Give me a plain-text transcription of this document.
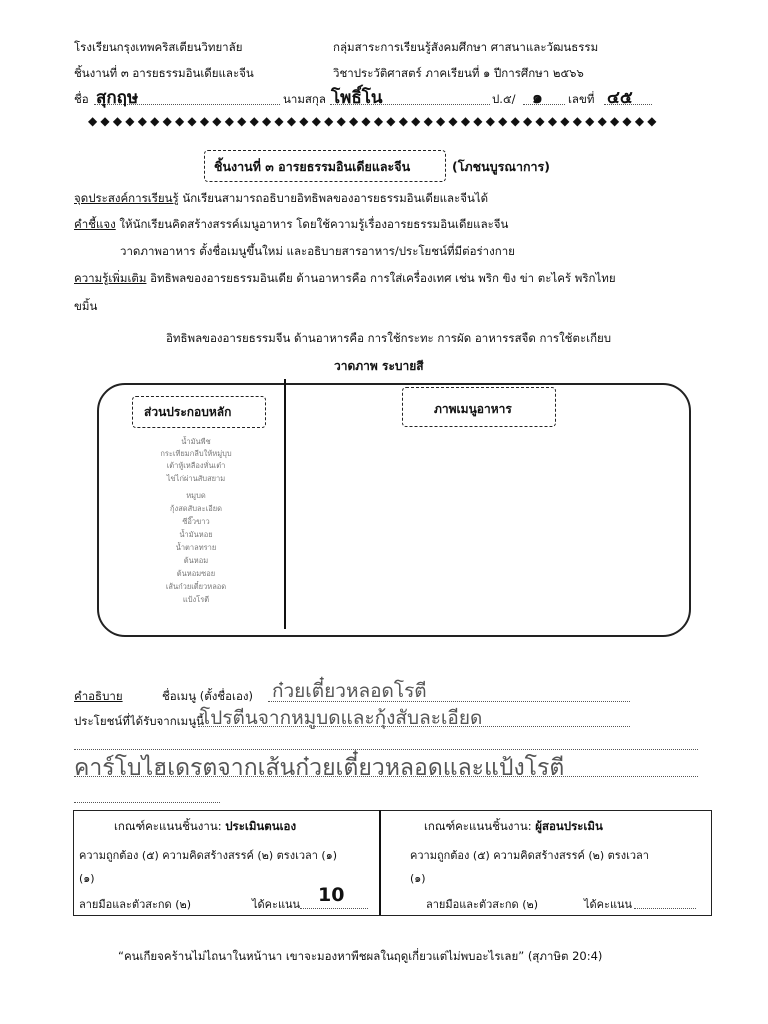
โรงเรียนกรุงเทพคริสเตียนวิทยาลัย	กลุ่มสาระการเรียนรู้สังคมศึกษา ศาสนาและวัฒนธรรม
ชิ้นงานที่ ๓ อารยธรรมอินเดียและจีน	วิชาประวัติศาสตร์ ภาคเรียนที่ ๑ ปีการศึกษา ๒๕๖๖
ชื่อ สุกฤษ	นามสกุล โพธิ์โน	ป.๕/ ๑ เลขที่ ๔๕
◆◆◆◆◆◆◆◆◆◆◆◆◆◆◆◆◆◆◆◆◆◆◆◆◆◆◆◆◆◆◆◆◆◆◆◆◆◆◆◆◆◆◆◆◆◆
ชิ้นงานที่ ๓ อารยธรรมอินเดียและจีน	(โภชนบูรณาการ)
จุดประสงค์การเรียนรู้ นักเรียนสามารถอธิบายอิทธิพลของอารยธรรมอินเดียและจีนได้
คำชี้แจง ให้นักเรียนคิดสร้างสรรค์เมนูอาหาร โดยใช้ความรู้เรื่องอารยธรรมอินเดียและจีน
วาดภาพอาหาร ตั้งชื่อเมนูขึ้นใหม่ และอธิบายสารอาหาร/ประโยชน์ที่มีต่อร่างกาย
ความรู้เพิ่มเติม อิทธิพลของอารยธรรมอินเดีย ด้านอาหารคือ การใส่เครื่องเทศ เช่น พริก ขิง ข่า ตะไคร้ พริกไทย
ขมิ้น
อิทธิพลของอารยธรรมจีน ด้านอาหารคือ การใช้กระทะ การผัด อาหารรสจืด การใช้ตะเกียบ
วาดภาพ ระบายสี
ส่วนประกอบหลัก	ภาพเมนูอาหาร
น้ำมันพืช
กระเทียมกลีบให้หมู่บุบ
เต้าหู้เหลืองหั่นเต๋า
ไข่ไก่ผ่านสับสยาม
หมูบด
กุ้งสดสับละเอียด
ซีอิ๊วขาว
น้ำมันหอย
น้ำตาลทราย
ต้นหอม
ต้นหอมซอย
เส้นก๋วยเตี๋ยวหลอด
แป้งโรตี
คำอธิบาย	ชื่อเมนู (ตั้งชื่อเอง) ก๋วยเตี๋ยวหลอดโรตี
ประโยชน์ที่ได้รับจากเมนูนี้
โปรตีนจากหมูบดและกุ้งสับละเอียด
คาร์โบไฮเดรตจากเส้นก๋วยเตี๋ยวหลอดและแป้งโรตี
เกณฑ์คะแนนชิ้นงาน: ประเมินตนเอง
ความถูกต้อง (๕) ความคิดสร้างสรรค์ (๒) ตรงเวลา (๑)
(๑)
ลายมือและตัวสะกด (๒)	ได้คะแนน 10
เกณฑ์คะแนนชิ้นงาน: ผู้สอนประเมิน
ความถูกต้อง (๕) ความคิดสร้างสรรค์ (๒) ตรงเวลา
(๑)
ลายมือและตัวสะกด (๒)	ได้คะแนน
“คนเกียจคร้านไม่ไถนาในหน้านา เขาจะมองหาพืชผลในฤดูเกี่ยวแต่ไม่พบอะไรเลย” (สุภาษิต 20:4)
